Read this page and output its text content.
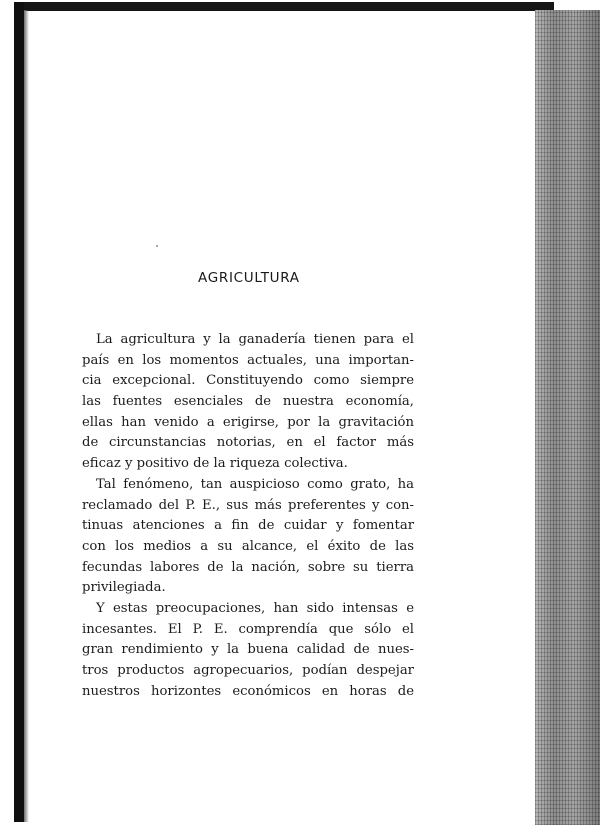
AGRICULTURA
La agricultura y la ganadería tienen para el
país en los momentos actuales, una importan-
cia excepcional. Constituyendo como siempre
las fuentes esenciales de nuestra economía,
ellas han venido a erigirse, por la gravitación
de circunstancias notorias, en el factor más
eficaz y positivo de la riqueza colectiva.
Tal fenómeno, tan auspicioso como grato, ha
reclamado del P. E., sus más preferentes y con-
tinuas atenciones a fin de cuidar y fomentar
con los medios a su alcance, el éxito de las
fecundas labores de la nación, sobre su tierra
privilegiada.
Y estas preocupaciones, han sido intensas e
incesantes. El P. E. comprendía que sólo el
gran rendimiento y la buena calidad de nues-
tros productos agropecuarios, podían despejar
nuestros horizontes económicos en horas de
